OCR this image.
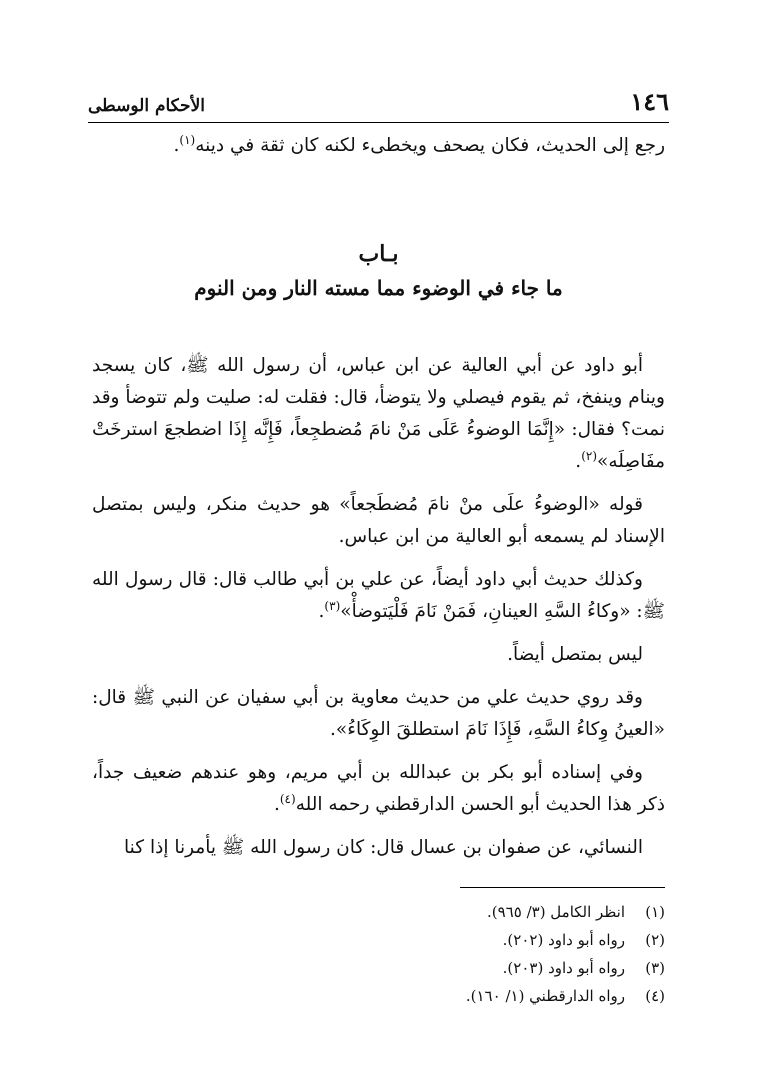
١٤٦
الأحكام الوسطى

رجع إلى الحديث، فكان يصحف ويخطىء لكنه كان ثقة في دينه$^{(١)}$.

بـاب
ما جاء في الوضوء مما مسته النار ومن النوم

أبو داود عن أبي العالية عن ابن عباس، أن رسول الله ﷺ، كان يسجد وينام وينفخ، ثم يقوم فيصلي ولا يتوضأ، قال: فقلت له: صليت ولم تتوضأ وقد نمت؟ فقال: «إِنَّمَا الوضوءُ عَلَى مَنْ نامَ مُضطجِعاً، فَإِنَّه إِذَا اضطجعَ استرخَتْ مفَاصِلَه»$^{(٢)}$.

قوله «الوضوءُ علَى منْ نامَ مُضطَجعاً» هو حديث منكر، وليس بمتصل الإسناد لم يسمعه أبو العالية من ابن عباس.

وكذلك حديث أبي داود أيضاً، عن علي بن أبي طالب قال: قال رسول الله ﷺ: «وكاءُ السَّهِ العينانِ، فَمَنْ نَامَ فَلْيَتوضأْ»$^{(٣)}$.

ليس بمتصل أيضاً.

وقد روي حديث علي من حديث معاوية بن أبي سفيان عن النبي ﷺ قال: «العينُ وِكاءُ السَّهِ، فَإِذَا نَامَ استطلقَ الوِكَاءُ».

وفي إسناده أبو بكر بن عبدالله بن أبي مريم، وهو عندهم ضعيف جداً، ذكر هذا الحديث أبو الحسن الدارقطني رحمه الله$^{(٤)}$.

النسائي، عن صفوان بن عسال قال: كان رسول الله ﷺ يأمرنا إذا كنا

(١)
انظر الكامل (٣/ ٩٦٥).
(٢)
رواه أبو داود (٢٠٢).
(٣)
رواه أبو داود (٢٠٣).
(٤)
رواه الدارقطني (١/ ١٦٠).
